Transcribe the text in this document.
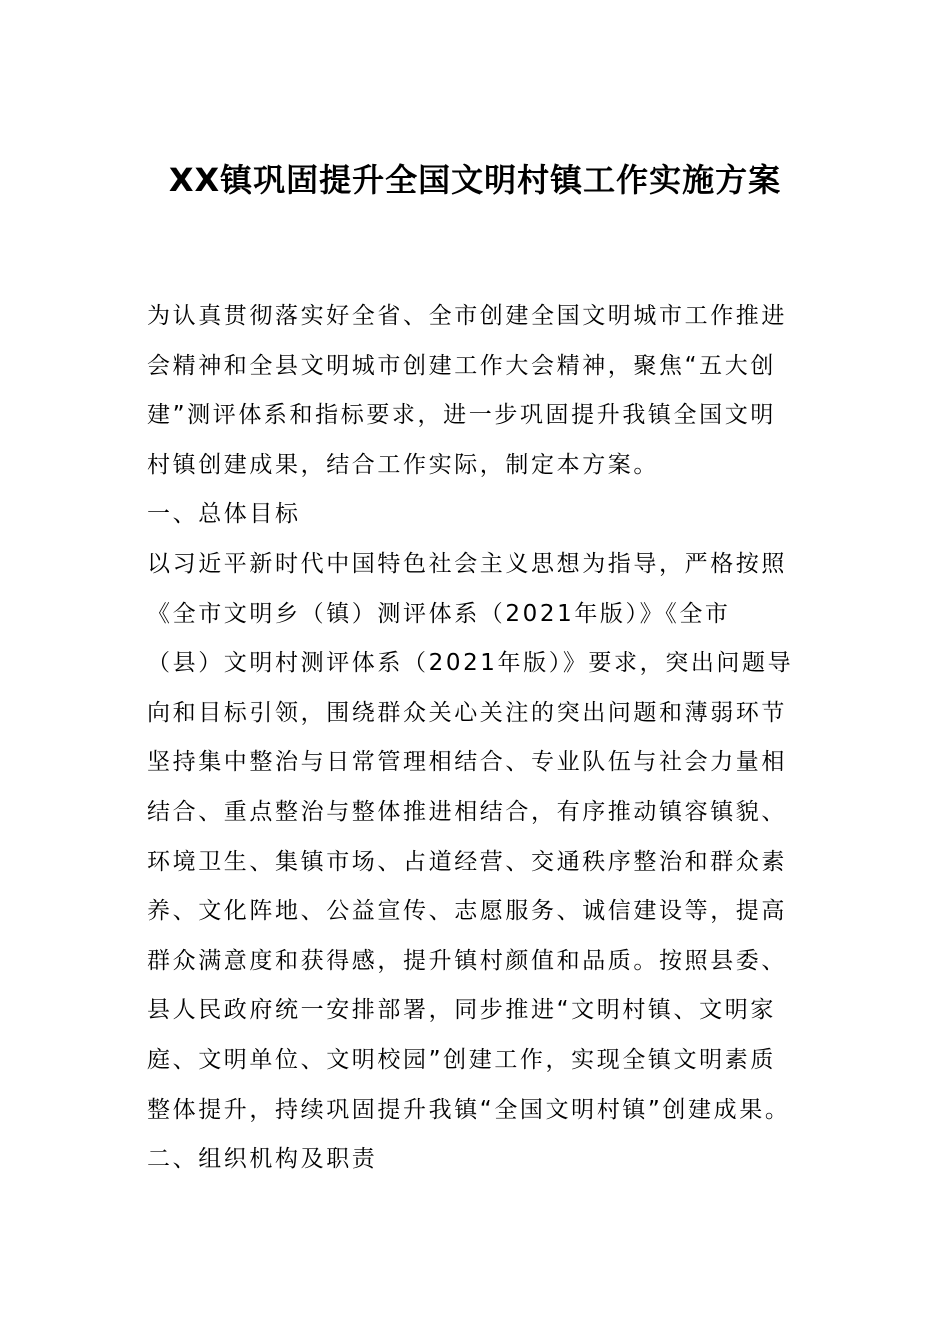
XX镇巩固提升全国文明村镇工作实施方案

为认真贯彻落实好全省、全市创建全国文明城市工作推进
会精神和全县文明城市创建工作大会精神，聚焦“五大创
建”测评体系和指标要求，进一步巩固提升我镇全国文明
村镇创建成果，结合工作实际，制定本方案。

一、总体目标

以习近平新时代中国特色社会主义思想为指导，严格按照
《全市文明乡（镇）测评体系（2021年版）》《全市
（县）文明村测评体系（2021年版）》要求，突出问题导
向和目标引领，围绕群众关心关注的突出问题和薄弱环节
坚持集中整治与日常管理相结合、专业队伍与社会力量相
结合、重点整治与整体推进相结合，有序推动镇容镇貌、
环境卫生、集镇市场、占道经营、交通秩序整治和群众素
养、文化阵地、公益宣传、志愿服务、诚信建设等，提高
群众满意度和获得感，提升镇村颜值和品质。按照县委、
县人民政府统一安排部署，同步推进“文明村镇、文明家
庭、文明单位、文明校园”创建工作，实现全镇文明素质
整体提升，持续巩固提升我镇“全国文明村镇”创建成果。

二、组织机构及职责
